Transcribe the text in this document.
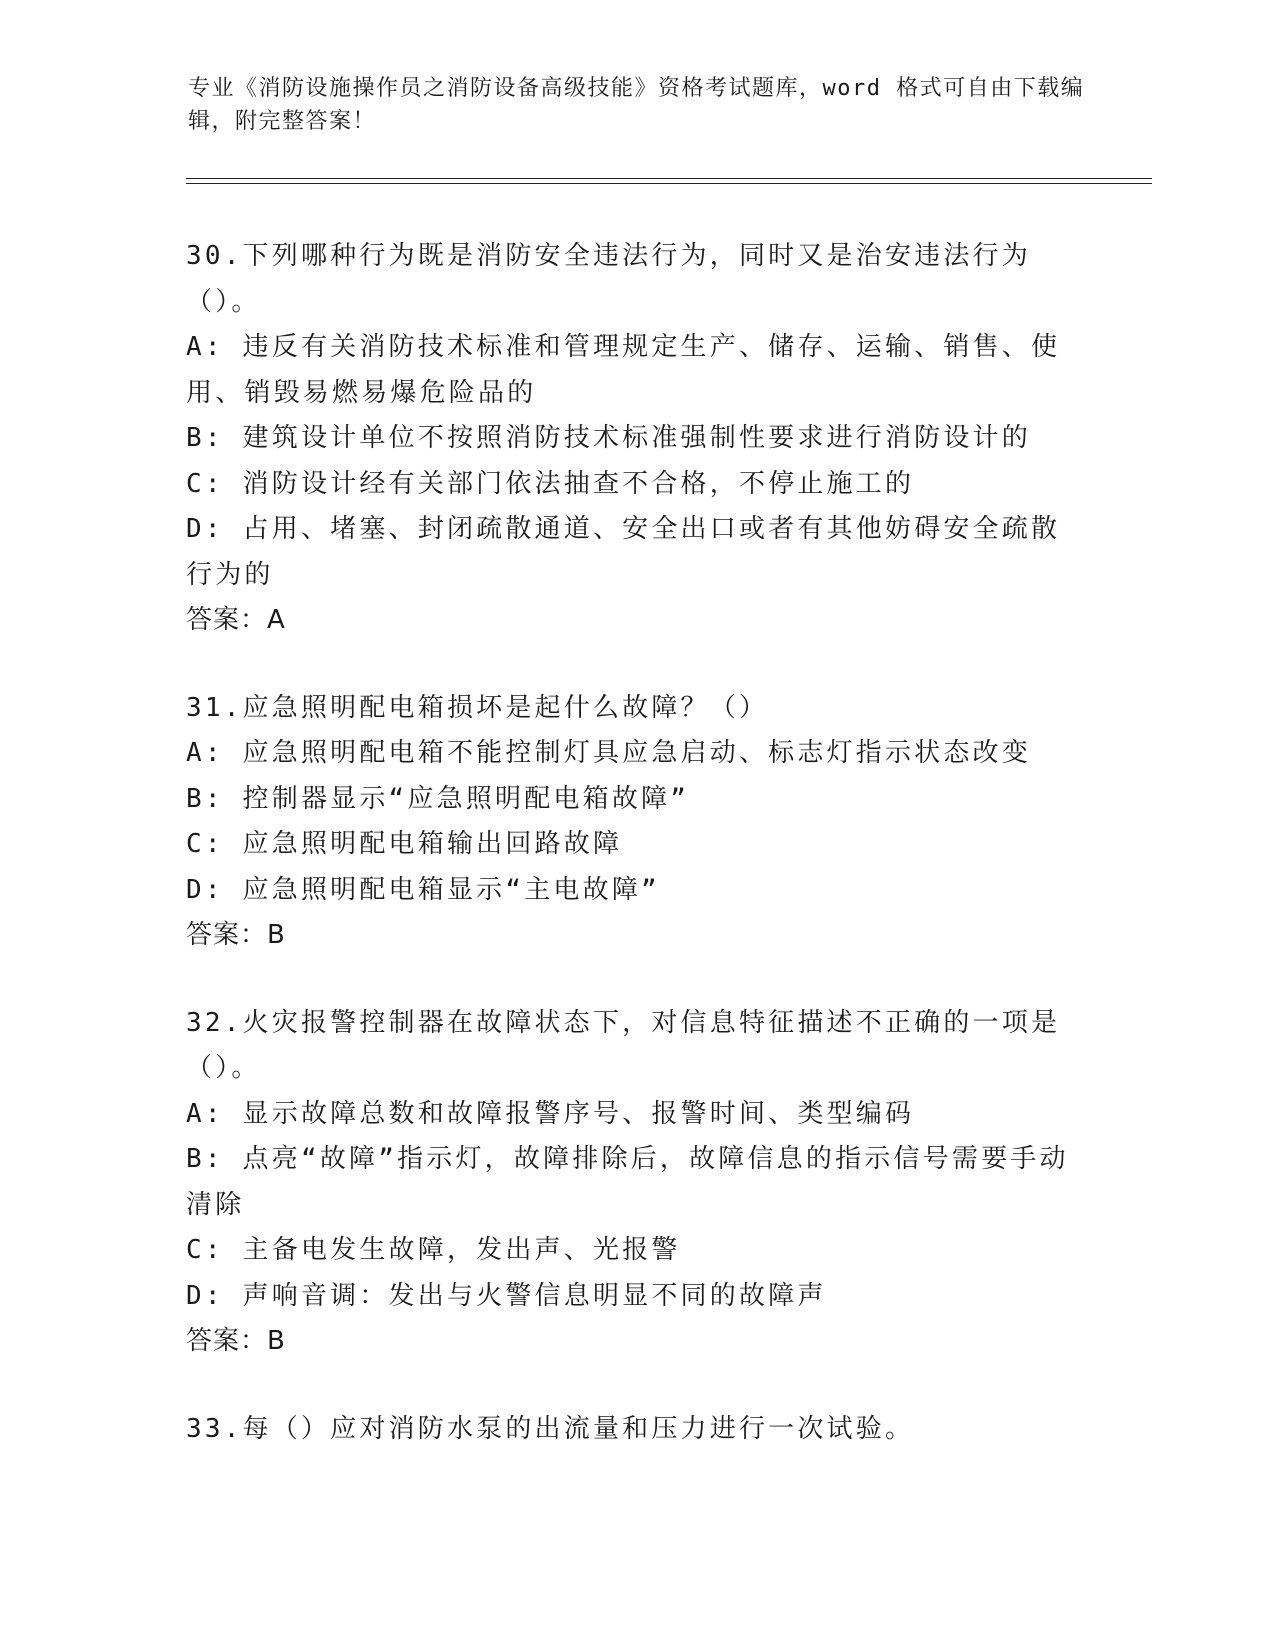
专业《消防设施操作员之消防设备高级技能》资格考试题库，word 格式可自由下载编辑，附完整答案！
30.下列哪种行为既是消防安全违法行为，同时又是治安违法行为（）。
A: 违反有关消防技术标准和管理规定生产、储存、运输、销售、使用、销毁易燃易爆危险品的
B: 建筑设计单位不按照消防技术标准强制性要求进行消防设计的
C: 消防设计经有关部门依法抽查不合格，不停止施工的
D: 占用、堵塞、封闭疏散通道、安全出口或者有其他妨碍安全疏散行为的
答案：A
31.应急照明配电箱损坏是起什么故障？（）
A: 应急照明配电箱不能控制灯具应急启动、标志灯指示状态改变
B: 控制器显示“应急照明配电箱故障”
C: 应急照明配电箱输出回路故障
D: 应急照明配电箱显示“主电故障”
答案：B
32.火灾报警控制器在故障状态下，对信息特征描述不正确的一项是（）。
A: 显示故障总数和故障报警序号、报警时间、类型编码
B: 点亮“故障”指示灯，故障排除后，故障信息的指示信号需要手动清除
C: 主备电发生故障，发出声、光报警
D: 声响音调：发出与火警信息明显不同的故障声
答案：B
33.每（）应对消防水泵的出流量和压力进行一次试验。
